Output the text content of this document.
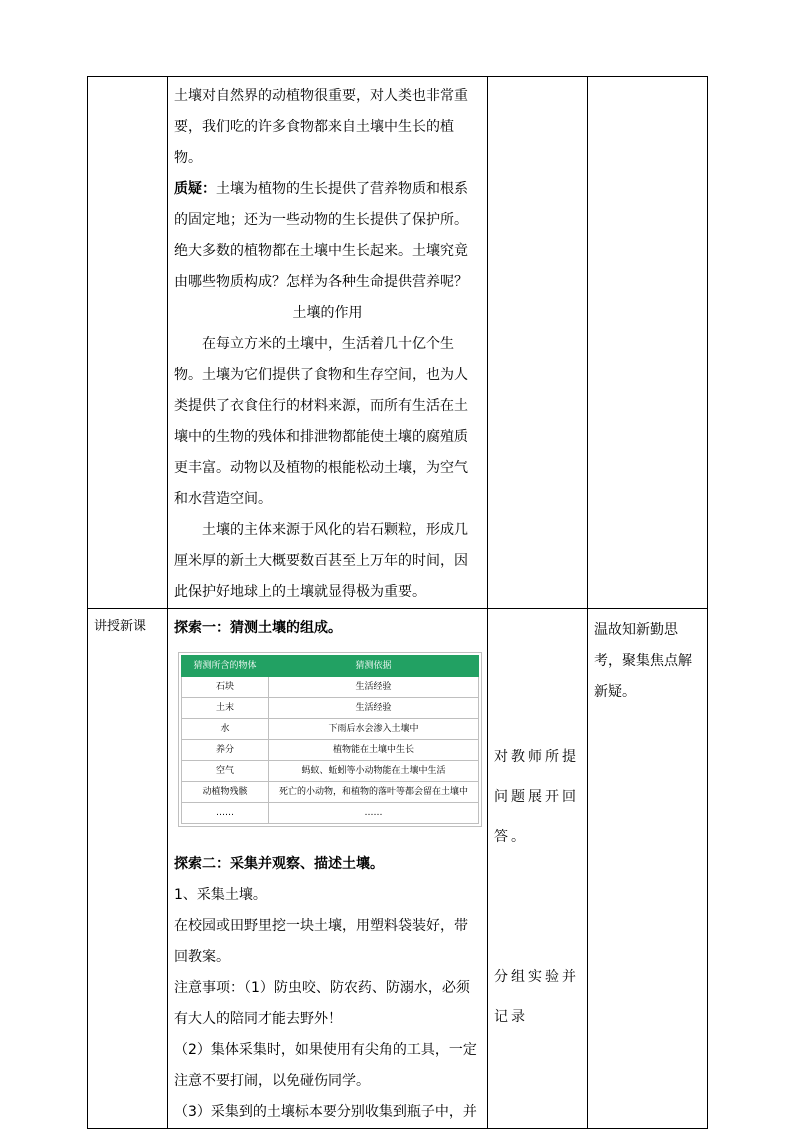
土壤对自然界的动植物很重要，对人类也非常重要，我们吃的许多食物都来自土壤中生长的植物。

质疑：土壤为植物的生长提供了营养物质和根系的固定地；还为一些动物的生长提供了保护所。绝大多数的植物都在土壤中生长起来。土壤究竟由哪些物质构成？怎样为各种生命提供营养呢？

土壤的作用

在每立方米的土壤中，生活着几十亿个生物。土壤为它们提供了食物和生存空间，也为人类提供了衣食住行的材料来源，而所有生活在土壤中的生物的残体和排泄物都能使土壤的腐殖质更丰富。动物以及植物的根能松动土壤，为空气和水营造空间。

土壤的主体来源于风化的岩石颗粒，形成几厘米厚的新土大概要数百甚至上万年的时间，因此保护好地球上的土壤就显得极为重要。

讲授新课	探索一：猜测土壤的组成。

猜测所含的物体	猜测依据
石块	生活经验
土末	生活经验
水	下雨后水会渗入土壤中
养分	植物能在土壤中生长
空气	蚂蚁、蚯蚓等小动物能在土壤中生活
动植物残骸	死亡的小动物，和植物的落叶等都会留在土壤中
……	……

探索二：采集并观察、描述土壤。

1、采集土壤。

在校园或田野里挖一块土壤，用塑料袋装好，带回教案。

注意事项：（1）防虫咬、防农药、防溺水，必须有大人的陪同才能去野外！

（2）集体采集时，如果使用有尖角的工具，一定注意不要打闹，以免碰伤同学。

（3）采集到的土壤标本要分别收集到瓶子中，并

对教师所提问题展开回答。
分组实验并记录

温故知新勤思考，聚集焦点解新疑。
